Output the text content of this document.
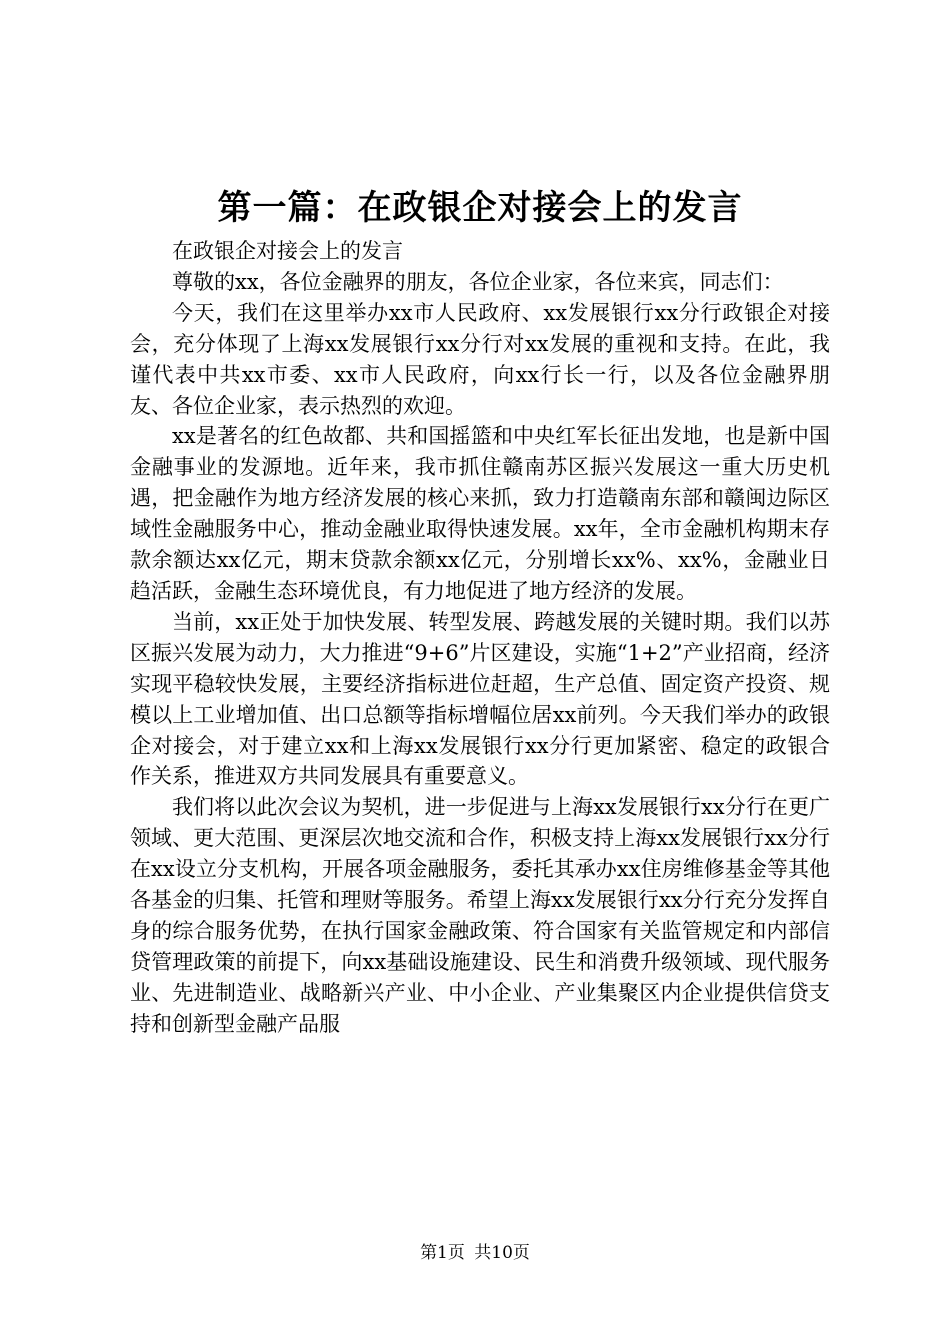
第一篇：在政银企对接会上的发言

在政银企对接会上的发言

尊敬的xx，各位金融界的朋友，各位企业家，各位来宾，同志们：

今天，我们在这里举办xx市人民政府、xx发展银行xx分行政银企对接会，充分体现了上海xx发展银行xx分行对xx发展的重视和支持。在此，我谨代表中共xx市委、xx市人民政府，向xx行长一行，以及各位金融界朋友、各位企业家，表示热烈的欢迎。

xx是著名的红色故都、共和国摇篮和中央红军长征出发地，也是新中国金融事业的发源地。近年来，我市抓住赣南苏区振兴发展这一重大历史机遇，把金融作为地方经济发展的核心来抓，致力打造赣南东部和赣闽边际区域性金融服务中心，推动金融业取得快速发展。xx年，全市金融机构期末存款余额达xx亿元，期末贷款余额xx亿元，分别增长xx%、xx%，金融业日趋活跃，金融生态环境优良，有力地促进了地方经济的发展。

当前，xx正处于加快发展、转型发展、跨越发展的关键时期。我们以苏区振兴发展为动力，大力推进“9+6”片区建设，实施“1+2”产业招商，经济实现平稳较快发展，主要经济指标进位赶超，生产总值、固定资产投资、规模以上工业增加值、出口总额等指标增幅位居xx前列。今天我们举办的政银企对接会，对于建立xx和上海xx发展银行xx分行更加紧密、稳定的政银合作关系，推进双方共同发展具有重要意义。

我们将以此次会议为契机，进一步促进与上海xx发展银行xx分行在更广领域、更大范围、更深层次地交流和合作，积极支持上海xx发展银行xx分行在xx设立分支机构，开展各项金融服务，委托其承办xx住房维修基金等其他各基金的归集、托管和理财等服务。希望上海xx发展银行xx分行充分发挥自身的综合服务优势，在执行国家金融政策、符合国家有关监管规定和内部信贷管理政策的前提下，向xx基础设施建设、民生和消费升级领域、现代服务业、先进制造业、战略新兴产业、中小企业、产业集聚区内企业提供信贷支持和创新型金融产品服

第1页 共10页
